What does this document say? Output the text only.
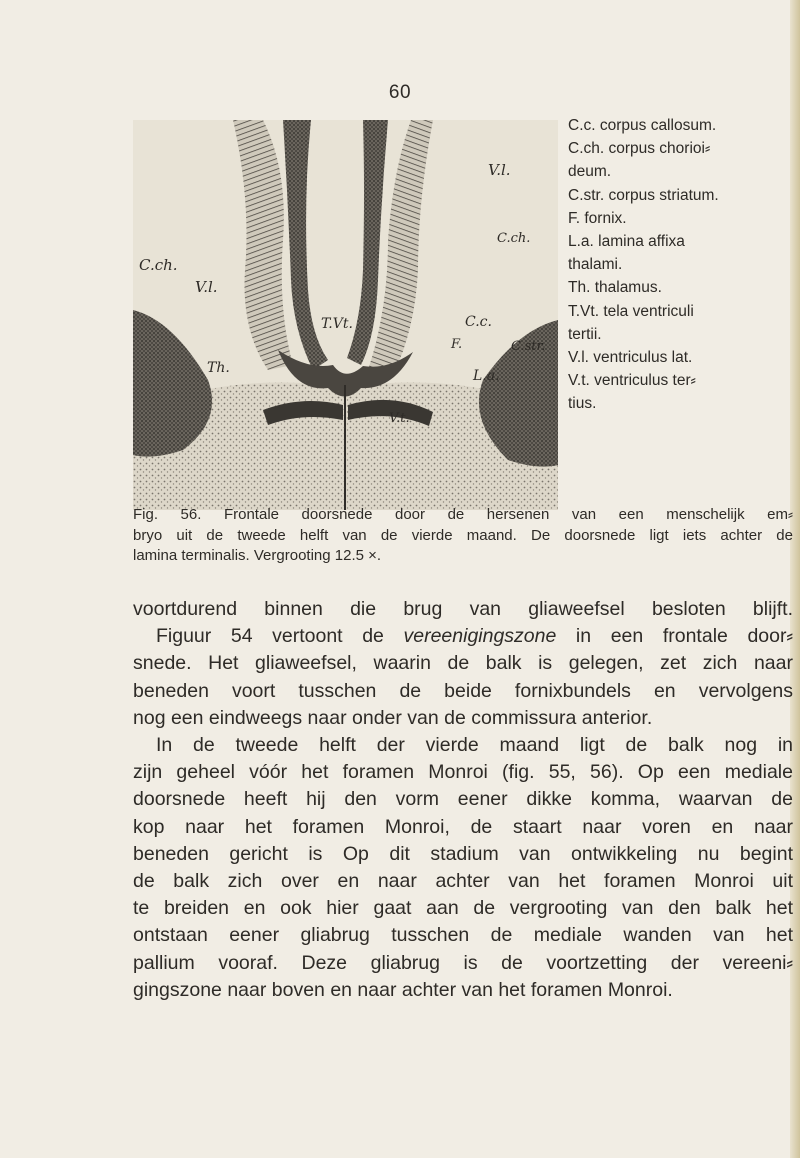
60
V.l.
C.ch.
V.l.
C.ch.
T.Vt.	C.c.
F.	C.str.
Th.	L.a.
V.t.
C.c. corpus callosum.
C.ch. corpus chorioi⸗
deum.
C.str. corpus striatum.
F. fornix.
L.a. lamina affixa
thalami.
Th. thalamus.
T.Vt. tela ventriculi
tertii.
V.l. ventriculus lat.
V.t. ventriculus ter⸗
tius.
Fig. 56. Frontale doorsnede door de hersenen van een menschelijk em⸗
bryo uit de tweede helft van de vierde maand. De doorsnede ligt iets achter de
lamina terminalis. Vergrooting 12.5 ×.
voortdurend binnen die brug van gliaweefsel besloten blijft.
Figuur 54 vertoont de vereenigingszone in een frontale door⸗
snede. Het gliaweefsel, waarin de balk is gelegen, zet zich naar
beneden voort tusschen de beide fornixbundels en vervolgens
nog een eindweegs naar onder van de commissura anterior.
In de tweede helft der vierde maand ligt de balk nog in
zijn geheel vóór het foramen Monroi (fig. 55, 56). Op een mediale
doorsnede heeft hij den vorm eener dikke komma, waarvan de
kop naar het foramen Monroi, de staart naar voren en naar
beneden gericht is Op dit stadium van ontwikkeling nu begint
de balk zich over en naar achter van het foramen Monroi uit
te breiden en ook hier gaat aan de vergrooting van den balk het
ontstaan eener gliabrug tusschen de mediale wanden van het
pallium vooraf. Deze gliabrug is de voortzetting der vereeni⸗
gingszone naar boven en naar achter van het foramen Monroi.
